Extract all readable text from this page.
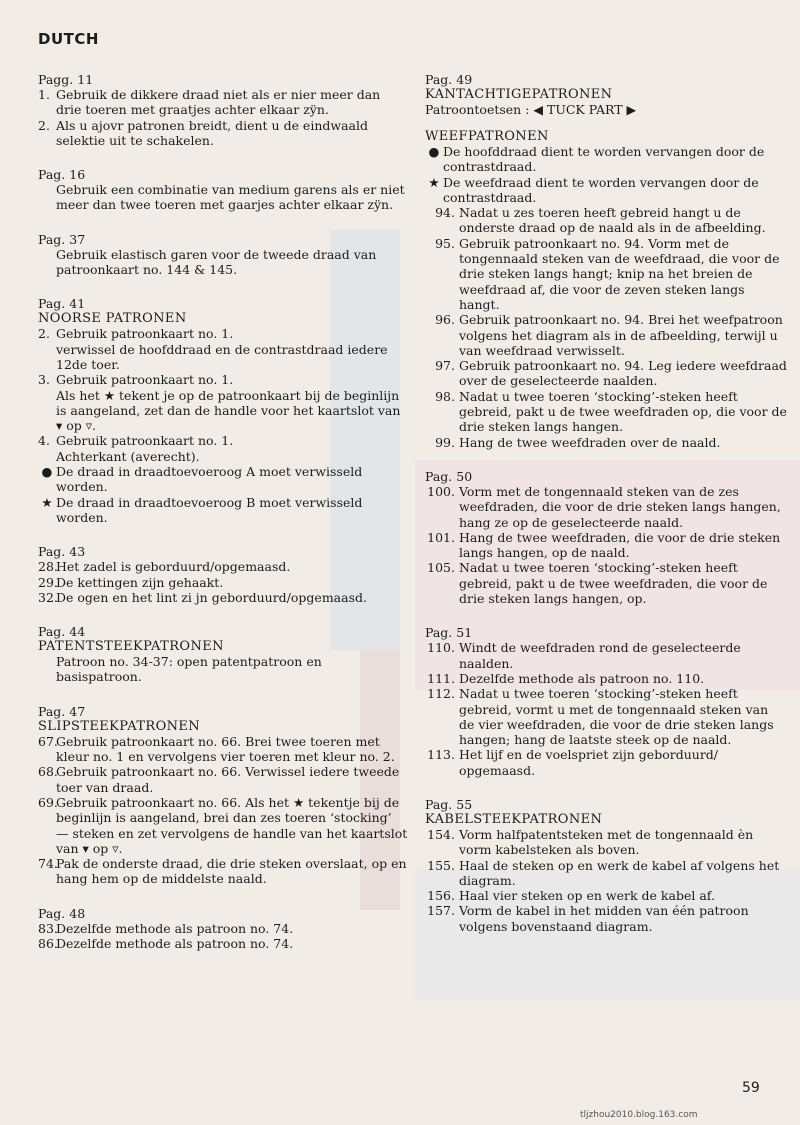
DUTCH
Pagg. 11
1. Gebruik de dikkere draad niet als er nier meer dan drie toeren met graatjes achter elkaar zÿn.
2. Als u ajovr patronen breidt, dient u de eindwaald selektie uit te schakelen.
Pag. 16
Gebruik een combinatie van medium garens als er niet meer dan twee toeren met gaarjes achter elkaar zÿn.
Pag. 37
Gebruik elastisch garen voor de tweede draad van patroonkaart no. 144 & 145.
Pag. 41
NOORSE PATRONEN
2. Gebruik patroonkaart no. 1.
verwissel de hoofddraad en de contrastdraad iedere 12de toer.
3. Gebruik patroonkaart no. 1.
Als het ★ tekent je op de patroonkaart bij de beginlijn is aangeland, zet dan de handle voor het kaartslot van ▾ op ▿.
4. Gebruik patroonkaart no. 1.
Achterkant (averecht).
● De draad in draadtoevoeroog A moet verwisseld worden.
★ De draad in draadtoevoeroog B moet verwisseld worden.
Pag. 43
28.
Het zadel is geborduurd/opgemaasd.
29.
De kettingen zijn gehaakt.
32.
De ogen en het lint zi jn geborduurd/opgemaasd.
Pag. 44
PATENTSTEEKPATRONEN
Patroon no. 34-37: open patentpatroon en basispatroon.
Pag. 47
SLIPSTEEKPATRONEN
67.
Gebruik patroonkaart no. 66. Brei twee toeren met kleur no. 1 en vervolgens vier toeren met kleur no. 2.
68.
Gebruik patroonkaart no. 66. Verwissel iedere tweede toer van draad.
69.
Gebruik patroonkaart no. 66. Als het ★ tekentje bij de beginlijn is aangeland, brei dan zes toeren ‘stocking’ — steken en zet vervolgens de handle van het kaartslot van ▾ op ▿.
74.
Pak de onderste draad, die drie steken overslaat, op en hang hem op de middelste naald.
Pag. 48
83.
Dezelfde methode als patroon no. 74.
86.
Dezelfde methode als patroon no. 74.
Pag. 49
KANTACHTIGEPATRONEN
Patroontoetsen : ◀ TUCK PART ▶
WEEFPATRONEN
● De hoofddraad dient te worden vervangen door de contrastdraad.
★ De weefdraad dient te worden vervangen door de contrastdraad.
94. Nadat u zes toeren heeft gebreid hangt u de onderste draad op de naald als in de afbeelding.
95. Gebruik patroonkaart no. 94. Vorm met de tongennaald steken van de weefdraad, die voor de drie steken langs hangt; knip na het breien de weefdraad af, die voor de zeven steken langs hangt.
96. Gebruik patroonkaart no. 94. Brei het weefpatroon volgens het diagram als in de afbeelding, terwijl u van weefdraad verwisselt.
97. Gebruik patroonkaart no. 94. Leg iedere weefdraad over de geselecteerde naalden.
98. Nadat u twee toeren ‘stocking’-steken heeft gebreid, pakt u de twee weefdraden op, die voor de drie steken langs hangen.
99. Hang de twee weefdraden over de naald.
Pag. 50
100. Vorm met de tongennaald steken van de zes weefdraden, die voor de drie steken langs hangen, hang ze op de geselecteerde naald.
101. Hang de twee weefdraden, die voor de drie steken langs hangen, op de naald.
105. Nadat u twee toeren ‘stocking’-steken heeft gebreid, pakt u de twee weefdraden, die voor de drie steken langs hangen, op.
Pag. 51
110. Windt de weefdraden rond de geselecteerde naalden.
111. Dezelfde methode als patroon no. 110.
112. Nadat u twee toeren ‘stocking’-steken heeft gebreid, vormt u met de tongennaald steken van de vier weefdraden, die voor de drie steken langs hangen; hang de laatste steek op de naald.
113. Het lijf en de voelspriet zijn geborduurd/ opgemaasd.
Pag. 55
KABELSTEEKPATRONEN
154. Vorm halfpatentsteken met de tongennaald èn vorm kabelsteken als boven.
155. Haal de steken op en werk de kabel af volgens het diagram.
156. Haal vier steken op en werk de kabel af.
157. Vorm de kabel in het midden van één patroon volgens bovenstaand diagram.
59
tljzhou2010.blog.163.com
